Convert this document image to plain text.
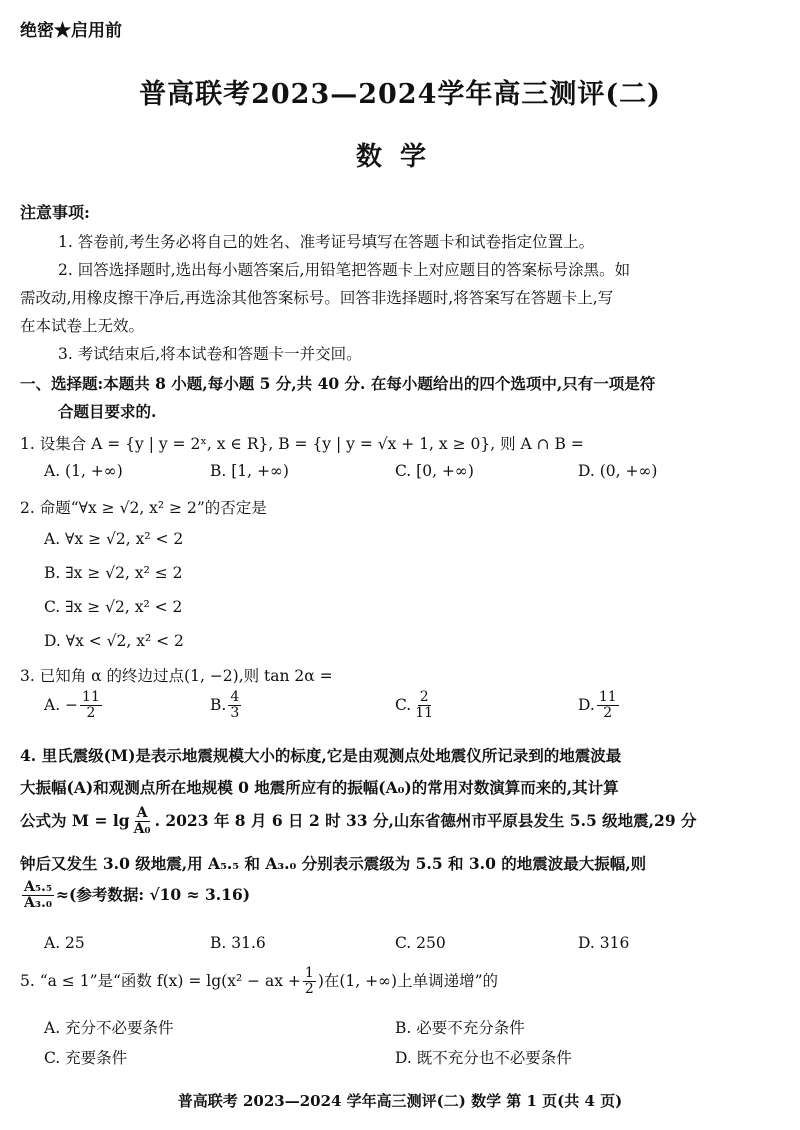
绝密★启用前
普高联考2023—2024学年高三测评(二)
数学
注意事项:
1. 答卷前,考生务必将自己的姓名、准考证号填写在答题卡和试卷指定位置上。
2. 回答选择题时,选出每小题答案后,用铅笔把答题卡上对应题目的答案标号涂黑。如
需改动,用橡皮擦干净后,再选涂其他答案标号。回答非选择题时,将答案写在答题卡上,写
在本试卷上无效。
3. 考试结束后,将本试卷和答题卡一并交回。
一、选择题:本题共 8 小题,每小题 5 分,共 40 分. 在每小题给出的四个选项中,只有一项是符
合题目要求的.
1. 设集合 A = {y | y = 2ˣ, x ∈ R}, B = {y | y = √x + 1, x ≥ 0}, 则 A ∩ B =
A. (1, +∞)	B. [1, +∞)	C. [0, +∞)	D. (0, +∞)
2. 命题“∀x ≥ √2, x² ≥ 2”的否定是
A. ∀x ≥ √2, x² < 2
B. ∃x ≥ √2, x² ≤ 2
C. ∃x ≥ √2, x² < 2
D. ∀x < √2, x² < 2
3. 已知角 α 的终边过点(1, −2),则 tan 2α =
A. − $\frac{11}{2}$	B. $\frac{4}{3}$	C. $\frac{2}{11}$	D. $\frac{11}{2}$
4. 里氏震级(M)是表示地震规模大小的标度,它是由观测点处地震仪所记录到的地震波最
大振幅(A)和观测点所在地规模 0 地震所应有的振幅(A₀)的常用对数演算而来的,其计算
公式为 $M = \lg \frac{A}{\text{A₀}}$ . 2023 年 8 月 6 日 2 时 33 分,山东省德州市平原县发生 5.5 级地震,29 分
钟后又发生 3.0 级地震,用 A₅.₅ 和 A₃.₀ 分别表示震级为 5.5 和 3.0 的地震波最大振幅,则
$\frac{\text{A₅.₅}}{\text{A₃.₀}}$ ≈(参考数据: √10 ≈ 3.16)
A. 25	B. 31.6	C. 250	D. 316
5. “a ≤ 1”是“函数 f(x) = lg(x² − ax + $\frac{1}{2}$ )在(1, +∞)上单调递增”的
A. 充分不必要条件	B. 必要不充分条件
C. 充要条件	D. 既不充分也不必要条件
普高联考 2023—2024 学年高三测评(二) 数学 第 1 页(共 4 页)
